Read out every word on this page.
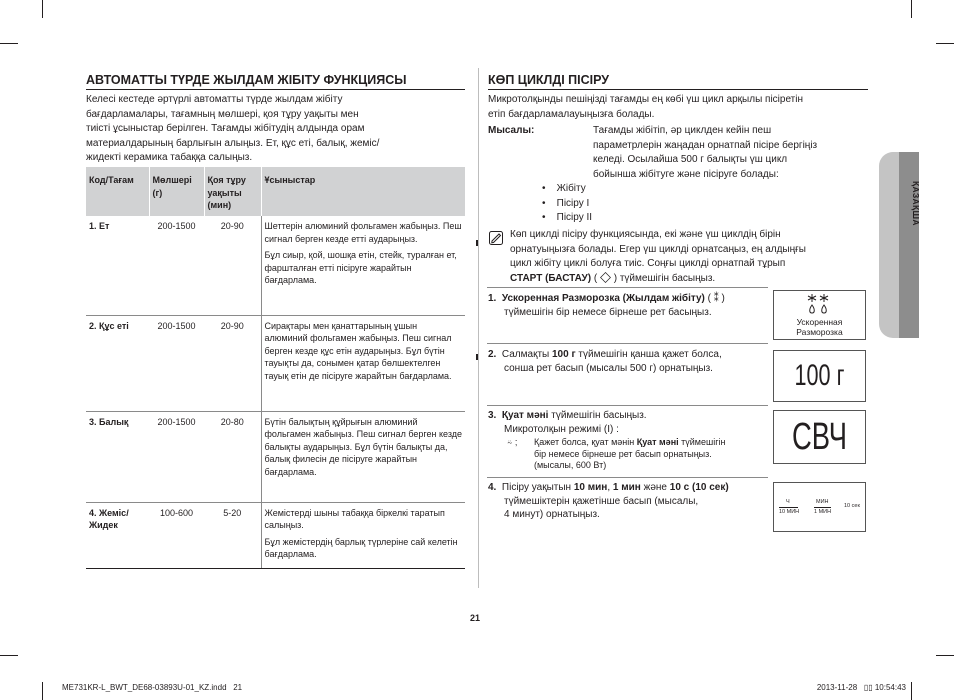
АВТОМАТТЫ ТҮРДЕ ЖЫЛДАМ ЖІБІТУ ФУНКЦИЯСЫ
Келесі кестеде әртүрлі автоматты түрде жылдам жібіту
бағдарламалары, тағамның мөлшері, қоя тұру уақыты мен
тиісті ұсыныстар берілген. Тағамды жібітудің алдында орам
материалдарының барлығын алыңыз. Ет, құс еті, балық, жеміс/
жидекті керамика табаққа салыңыз.
Код/Тағам	Мөлшері (г)	Қоя тұру уақыты (мин)	Ұсыныстар
1. Ет	200-1500	20-90	Шеттерін алюминий фольгамен жабыңыз. Пеш сигнал берген кезде етті аударыңыз.

Бұл сиыр, қой, шошқа етін, стейк, туралған ет, фаршталған етті пісіруге жарайтын бағдарлама.

2. Құс еті	200-1500	20-90	Сирақтары мен қанаттарының ұшын алюминий фольгамен жабыңыз. Пеш сигнал берген кезде құс етін аударыңыз. Бұл бүтін тауықты да, сонымен қатар бөлшектелген тауық етін де пісіруге жарайтын бағдарлама.

3. Балық	200-1500	20-80	Бүтін балықтың құйрығын алюминий фольгамен жабыңыз. Пеш сигнал берген кезде балықты аударыңыз. Бұл бүтін балықты да, балық филесін де пісіруге жарайтын бағдарлама.

4. Жеміс/ Жидек	100-600	5-20	Жемістерді шыны табаққа біркелкі таратып салыңыз.

Бұл жемістердің барлық түрлеріне сай келетін бағдарлама.

КӨП ЦИКЛДІ ПІСІРУ
Микротолқынды пешіңізді тағамды ең көбі үш цикл арқылы пісіретін
етіп бағдарламалауыңызға болады.
Мысалы:	Тағамды жібітіп, әр циклден кейін пеш
параметрлерін жаңадан орнатпай пісіре бергіңіз
келеді. Осылайша 500 г балықты үш цикл
бойынша жібітуге және пісіруге болады:
•    Жібіту
•    Пісіру I
•    Пісіру II
Көп циклді пісіру функциясында, екі және үш циклдің бірін
орнатуыңызға болады. Егер үш циклді орнатсаңыз, ең алдыңғы
цикл жібіту циклі болуға тиіс. Соңғы циклді орнатпай тұрып
СТАРТ (БАСТАУ) (  ) түймешігін басыңыз.
1. Ускоренная Разморозка (Жылдам жібіту) ( ⁑ )
түймешігін бір немесе бірнеше рет басыңыз.
Ускоренная
Разморозка
2. Салмақты 100 г түймешігін қанша қажет болса,
сонша рет басып (мысалы 500 г) орнатыңыз.	100 г
3. Қуат мәні түймешігін басыңыз.
Микротолқын режимі (I) :
⍨ ; Қажет болса, қуат мәнін Қуат мәні түймешігін
бір немесе бірнеше рет басып орнатыңыз.
(мысалы, 600 Вт)
СВЧ
4. Пісіру уақытын 10 мин, 1 мин және 10 с (10 сек)
түймешіктерін қажетінше басып (мысалы,
4 минут) орнатыңыз.
Ч
10 МИН
МИН
1 МИН
10 сек
ҚАЗАҚША
21
ME731KR-L_BWT_DE68-03893U-01_KZ.indd   21	2013-11-28   ▯▯ 10:54:43
